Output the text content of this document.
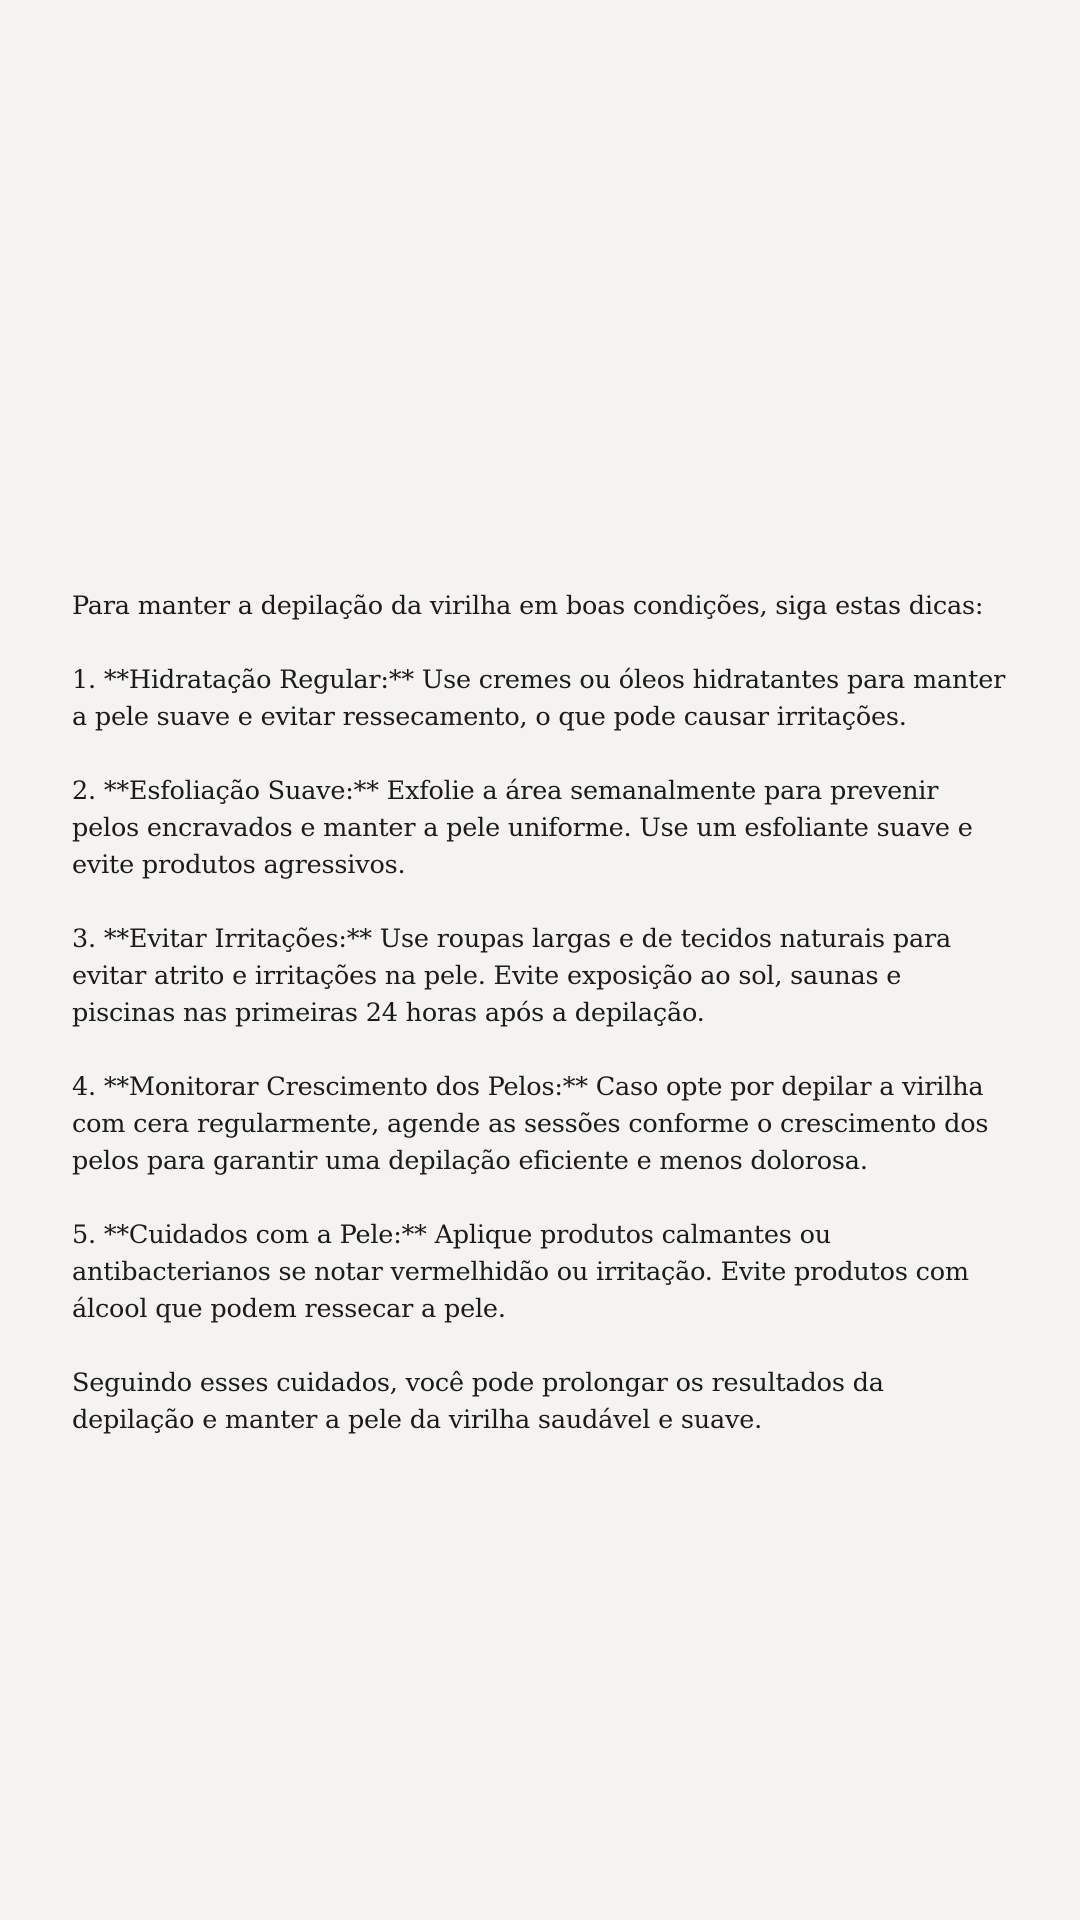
Para manter a depilação da virilha em boas condições, siga estas dicas:

1. **Hidratação Regular:** Use cremes ou óleos hidratantes para manter a pele suave e evitar ressecamento, o que pode causar irritações.

2. **Esfoliação Suave:** Exfolie a área semanalmente para prevenir pelos encravados e manter a pele uniforme. Use um esfoliante suave e evite produtos agressivos.

3. **Evitar Irritações:** Use roupas largas e de tecidos naturais para evitar atrito e irritações na pele. Evite exposição ao sol, saunas e piscinas nas primeiras 24 horas após a depilação.

4. **Monitorar Crescimento dos Pelos:** Caso opte por depilar a virilha com cera regularmente, agende as sessões conforme o crescimento dos pelos para garantir uma depilação eficiente e menos dolorosa.

5. **Cuidados com a Pele:** Aplique produtos calmantes ou antibacterianos se notar vermelhidão ou irritação. Evite produtos com álcool que podem ressecar a pele.

Seguindo esses cuidados, você pode prolongar os resultados da depilação e manter a pele da virilha saudável e suave.
